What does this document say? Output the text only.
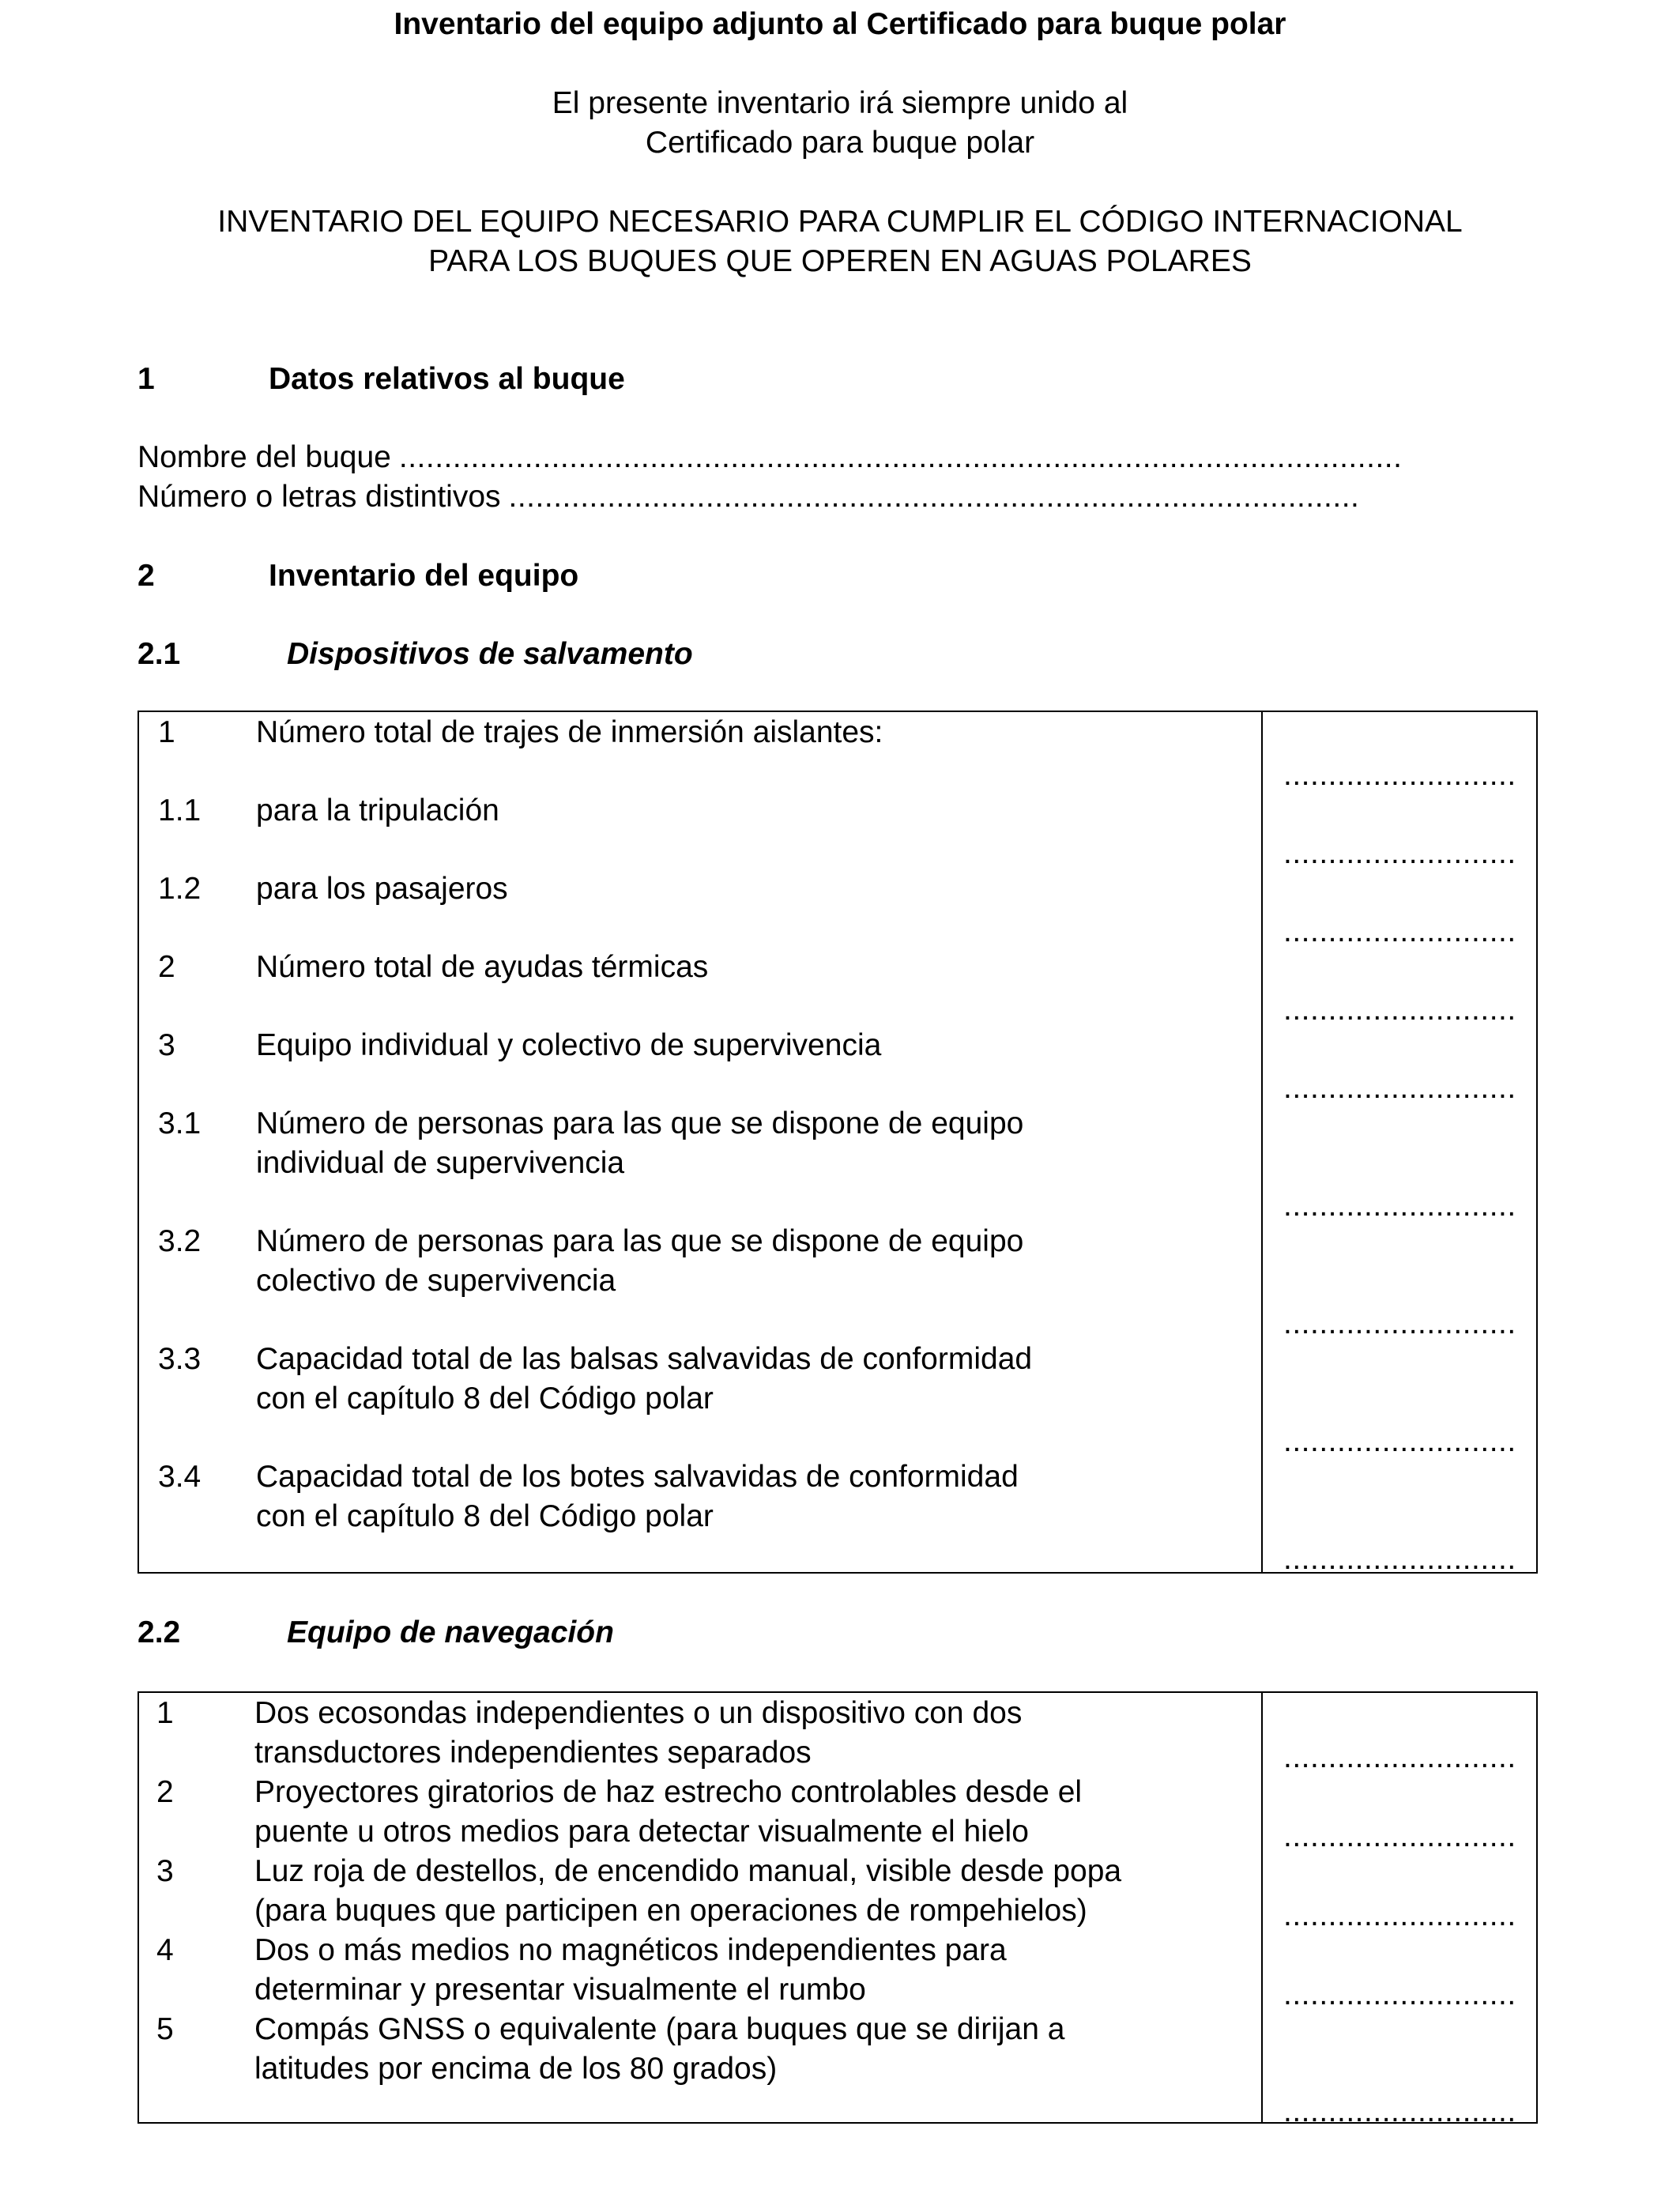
Inventario del equipo adjunto al Certificado para buque polar
El presente inventario irá siempre unido al
Certificado para buque polar
INVENTARIO DEL EQUIPO NECESARIO PARA CUMPLIR EL CÓDIGO INTERNACIONAL
PARA LOS BUQUES QUE OPEREN EN AGUAS POLARES
1	Datos relativos al buque
Nombre del buque ................................................................................................................
Número o letras distintivos ...............................................................................................
2	Inventario del equipo
2.1	Dispositivos de salvamento
1	Número total de trajes de inmersión aislantes:
..........................
1.1 para la tripulación
..........................
1.2 para los pasajeros
..........................
2	Número total de ayudas térmicas
..........................
3	Equipo individual y colectivo de supervivencia
..........................
3.1 Número de personas para las que se dispone de equipo
individual de supervivencia
..........................
3.2 Número de personas para las que se dispone de equipo
colectivo de supervivencia
..........................
3.3 Capacidad total de las balsas salvavidas de conformidad
con el capítulo 8 del Código polar
..........................
3.4 Capacidad total de los botes salvavidas de conformidad
con el capítulo 8 del Código polar
..........................
2.2	Equipo de navegación
1	Dos ecosondas independientes o un dispositivo con dos
transductores independientes separados	..........................
2	Proyectores giratorios de haz estrecho controlables desde el
puente u otros medios para detectar visualmente el hielo	..........................
3	Luz roja de destellos, de encendido manual, visible desde popa
(para buques que participen en operaciones de rompehielos)	..........................
4	Dos o más medios no magnéticos independientes para
determinar y presentar visualmente el rumbo	..........................
5	Compás GNSS o equivalente (para buques que se dirijan a
latitudes por encima de los 80 grados)
..........................
